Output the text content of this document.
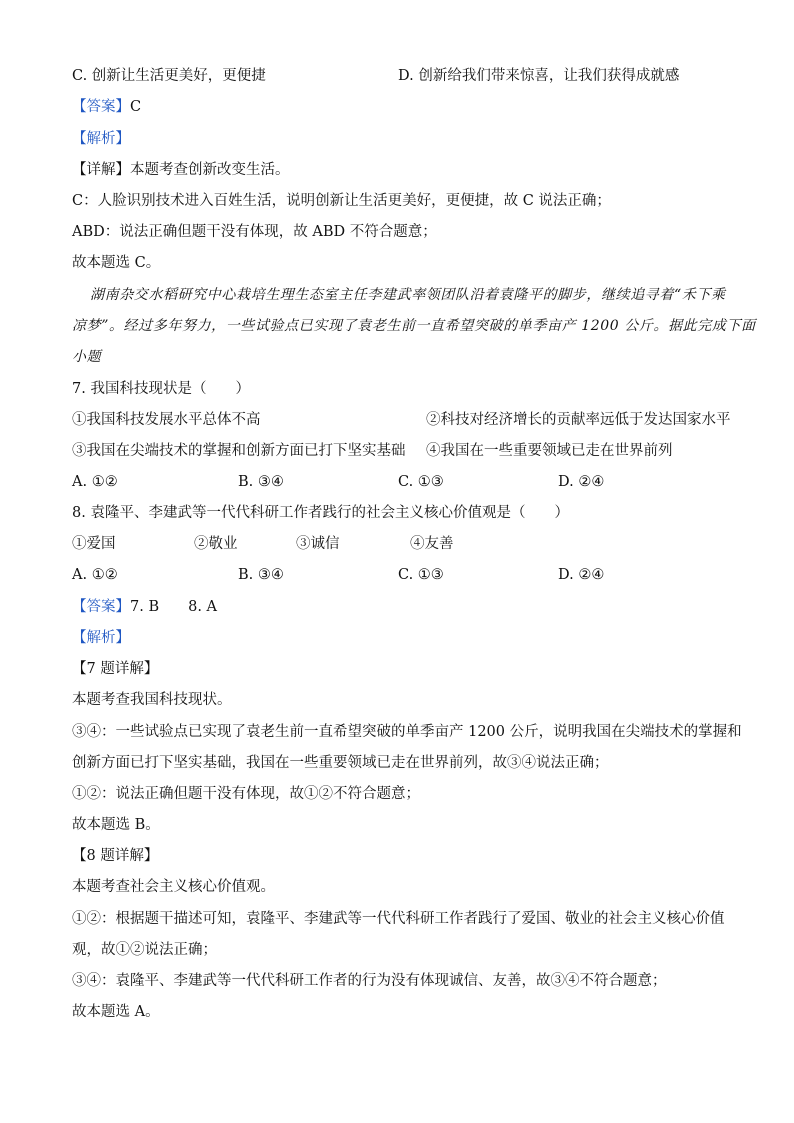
C. 创新让生活更美好，更便捷	D. 创新给我们带来惊喜，让我们获得成就感
【答案】C
【解析】
【详解】本题考查创新改变生活。
C：人脸识别技术进入百姓生活，说明创新让生活更美好，更便捷，故 C 说法正确；
ABD：说法正确但题干没有体现，故 ABD 不符合题意；
故本题选 C。
湖南杂交水稻研究中心栽培生理生态室主任李建武率领团队沿着袁隆平的脚步，继续追寻着“禾下乘
凉梦”。经过多年努力，一些试验点已实现了袁老生前一直希望突破的单季亩产 1200 公斤。据此完成下面
小题
7. 我国科技现状是（　　）
①我国科技发展水平总体不高	②科技对经济增长的贡献率远低于发达国家水平
③我国在尖端技术的掌握和创新方面已打下坚实基础 ④我国在一些重要领域已走在世界前列
A. ①②	B. ③④	C. ①③	D. ②④
8. 袁隆平、李建武等一代代科研工作者践行的社会主义核心价值观是（　　）
①爱国	②敬业	③诚信	④友善
A. ①②	B. ③④	C. ①③	D. ②④
【答案】7. B　　8. A
【解析】
【7 题详解】
本题考查我国科技现状。
③④：一些试验点已实现了袁老生前一直希望突破的单季亩产 1200 公斤，说明我国在尖端技术的掌握和
创新方面已打下坚实基础，我国在一些重要领域已走在世界前列，故③④说法正确；
①②：说法正确但题干没有体现，故①②不符合题意；
故本题选 B。
【8 题详解】
本题考查社会主义核心价值观。
①②：根据题干描述可知，袁隆平、李建武等一代代科研工作者践行了爱国、敬业的社会主义核心价值
观，故①②说法正确；
③④：袁隆平、李建武等一代代科研工作者的行为没有体现诚信、友善，故③④不符合题意；
故本题选 A。
